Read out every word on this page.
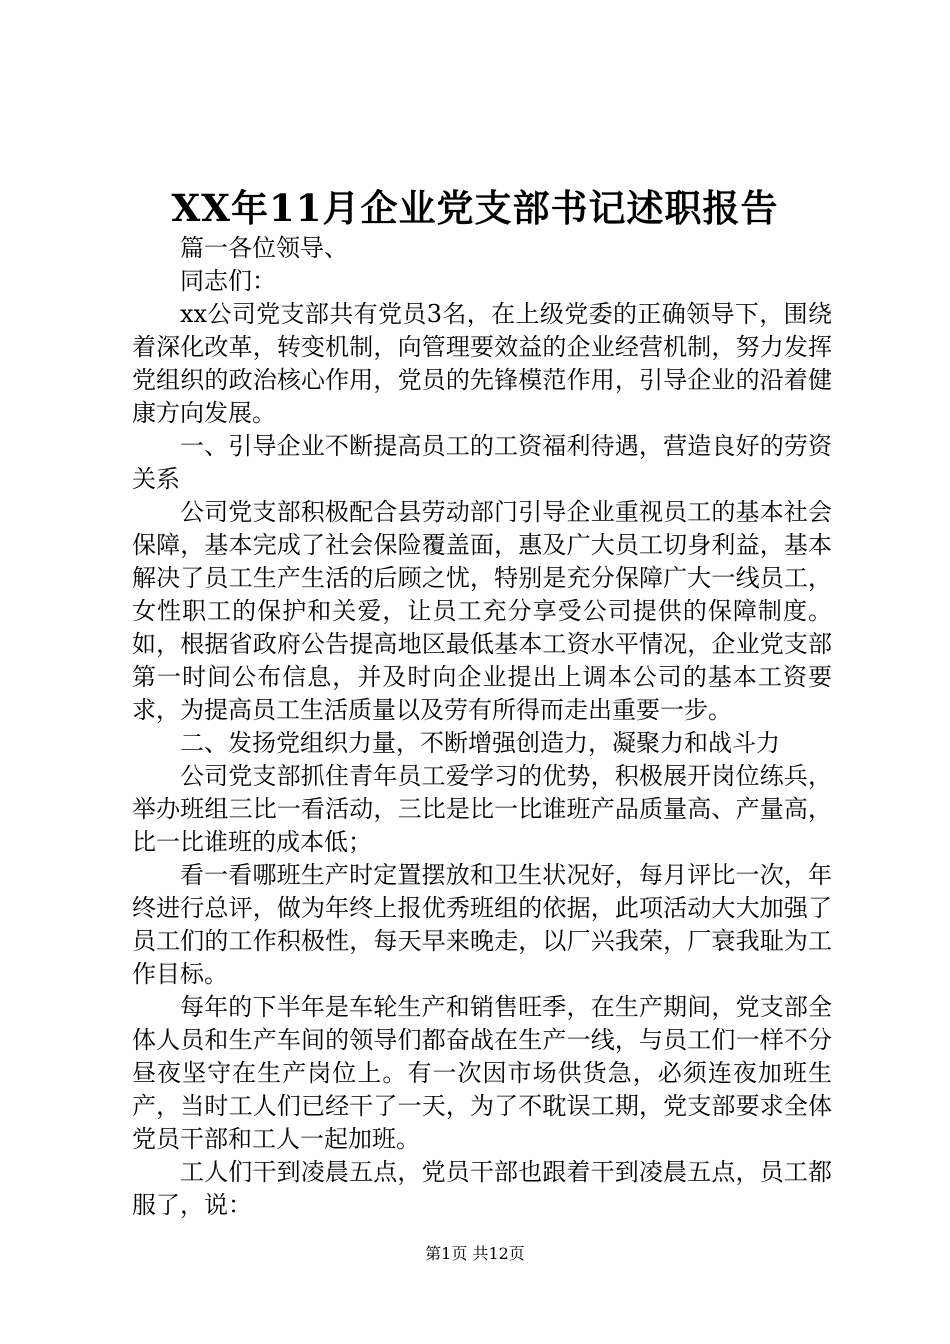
XX年11月企业党支部书记述职报告

篇一各位领导、

同志们：

xx公司党支部共有党员3名，在上级党委的正确领导下，围绕着深化改革，转变机制，向管理要效益的企业经营机制，努力发挥党组织的政治核心作用，党员的先锋模范作用，引导企业的沿着健康方向发展。

一、引导企业不断提高员工的工资福利待遇，营造良好的劳资关系

公司党支部积极配合县劳动部门引导企业重视员工的基本社会保障，基本完成了社会保险覆盖面，惠及广大员工切身利益，基本解决了员工生产生活的后顾之忧，特别是充分保障广大一线员工，女性职工的保护和关爱，让员工充分享受公司提供的保障制度。如，根据省政府公告提高地区最低基本工资水平情况，企业党支部第一时间公布信息，并及时向企业提出上调本公司的基本工资要求，为提高员工生活质量以及劳有所得而走出重要一步。

二、发扬党组织力量，不断增强创造力，凝聚力和战斗力

公司党支部抓住青年员工爱学习的优势，积极展开岗位练兵，举办班组三比一看活动，三比是比一比谁班产品质量高、产量高，比一比谁班的成本低；

看一看哪班生产时定置摆放和卫生状况好，每月评比一次，年终进行总评，做为年终上报优秀班组的依据，此项活动大大加强了员工们的工作积极性，每天早来晚走，以厂兴我荣，厂衰我耻为工作目标。

每年的下半年是车轮生产和销售旺季，在生产期间，党支部全体人员和生产车间的领导们都奋战在生产一线，与员工们一样不分昼夜坚守在生产岗位上。有一次因市场供货急，必须连夜加班生产，当时工人们已经干了一天，为了不耽误工期，党支部要求全体党员干部和工人一起加班。

工人们干到凌晨五点，党员干部也跟着干到凌晨五点，员工都服了，说：

第1页 共12页
